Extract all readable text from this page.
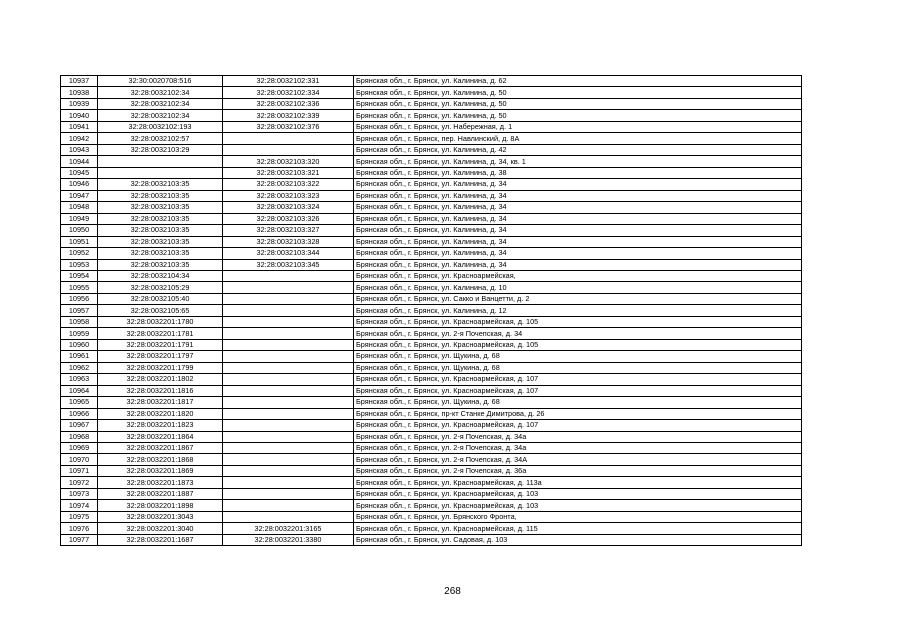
10937	32:30:0020708:516	32:28:0032102:331	Брянская обл., г. Брянск, ул. Калинина, д. 62
10938	32:28:0032102:34	32:28:0032102:334	Брянская обл., г. Брянск, ул. Калинина, д. 50
10939	32:28:0032102:34	32:28:0032102:336	Брянская обл., г. Брянск, ул. Калинина, д. 50
10940	32:28:0032102:34	32:28:0032102:339	Брянская обл., г. Брянск, ул. Калинина, д. 50
10941	32:28:0032102:193	32:28:0032102:376	Брянская обл., г. Брянск, ул. Набережная, д. 1
10942	32:28:0032102:57		Брянская обл., г. Брянск, пер. Навлинский, д. 8А
10943	32:28:0032103:29		Брянская обл., г. Брянск, ул. Калинина, д. 42
10944		32:28:0032103:320	Брянская обл., г. Брянск, ул. Калинина, д. 34, кв. 1
10945		32:28:0032103:321	Брянская обл., г. Брянск, ул. Калинина, д. 38
10946	32:28:0032103:35	32:28:0032103:322	Брянская обл., г. Брянск, ул. Калинина, д. 34
10947	32:28:0032103:35	32:28:0032103:323	Брянская обл., г. Брянск, ул. Калинина, д. 34
10948	32:28:0032103:35	32:28:0032103:324	Брянская обл., г. Брянск, ул. Калинина, д. 34
10949	32:28:0032103:35	32:28:0032103:326	Брянская обл., г. Брянск, ул. Калинина, д. 34
10950	32:28:0032103:35	32:28:0032103:327	Брянская обл., г. Брянск, ул. Калинина, д. 34
10951	32:28:0032103:35	32:28:0032103:328	Брянская обл., г. Брянск, ул. Калинина, д. 34
10952	32:28:0032103:35	32:28:0032103:344	Брянская обл., г. Брянск, ул. Калинина, д. 34
10953	32:28:0032103:35	32:28:0032103:345	Брянская обл., г. Брянск, ул. Калинина, д. 34
10954	32:28:0032104:34		Брянская обл., г. Брянск, ул. Красноармейская,
10955	32:28:0032105:29		Брянская обл., г. Брянск, ул. Калинина, д. 10
10956	32:28:0032105:40		Брянская обл., г. Брянск, ул. Сакко и Ванцетти, д. 2
10957	32:28:0032105:65		Брянская обл., г. Брянск, ул. Калинина, д. 12
10958	32:28:0032201:1780		Брянская обл., г. Брянск, ул. Красноармейская, д. 105
10959	32:28:0032201:1781		Брянская обл., г. Брянск, ул. 2-я Почепская, д. 34
10960	32:28:0032201:1791		Брянская обл., г. Брянск, ул. Красноармейская, д. 105
10961	32:28:0032201:1797		Брянская обл., г. Брянск, ул. Щукина, д. 68
10962	32:28:0032201:1799		Брянская обл., г. Брянск, ул. Щукина, д. 68
10963	32:28:0032201:1802		Брянская обл., г. Брянск, ул. Красноармейская, д. 107
10964	32:28:0032201:1816		Брянская обл., г. Брянск, ул. Красноармейская, д. 107
10965	32:28:0032201:1817		Брянская обл., г. Брянск, ул. Щукина, д. 68
10966	32:28:0032201:1820		Брянская обл., г. Брянск, пр-кт Станке Димитрова, д. 26
10967	32:28:0032201:1823		Брянская обл., г. Брянск, ул. Красноармейская, д. 107
10968	32:28:0032201:1864		Брянская обл., г. Брянск, ул. 2-я Почепская, д. 34а
10969	32:28:0032201:1867		Брянская обл., г. Брянск, ул. 2-я Почепская, д. 34а
10970	32:28:0032201:1868		Брянская обл., г. Брянск, ул. 2-я Почепская, д. 34А
10971	32:28:0032201:1869		Брянская обл., г. Брянск, ул. 2-я Почепская, д. 36а
10972	32:28:0032201:1873		Брянская обл., г. Брянск, ул. Красноармейская, д. 113а
10973	32:28:0032201:1887		Брянская обл., г. Брянск, ул. Красноармейская, д. 103
10974	32:28:0032201:1898		Брянская обл., г. Брянск, ул. Красноармейская, д. 103
10975	32:28:0032201:3043		Брянская обл., г. Брянск, ул. Брянского Фронта,
10976	32:28:0032201:3040	32:28:0032201:3165	Брянская обл., г. Брянск, ул. Красноармейская, д. 115
10977	32:28:0032201:1687	32:28:0032201:3380	Брянская обл., г. Брянск, ул. Садовая, д. 103
268
